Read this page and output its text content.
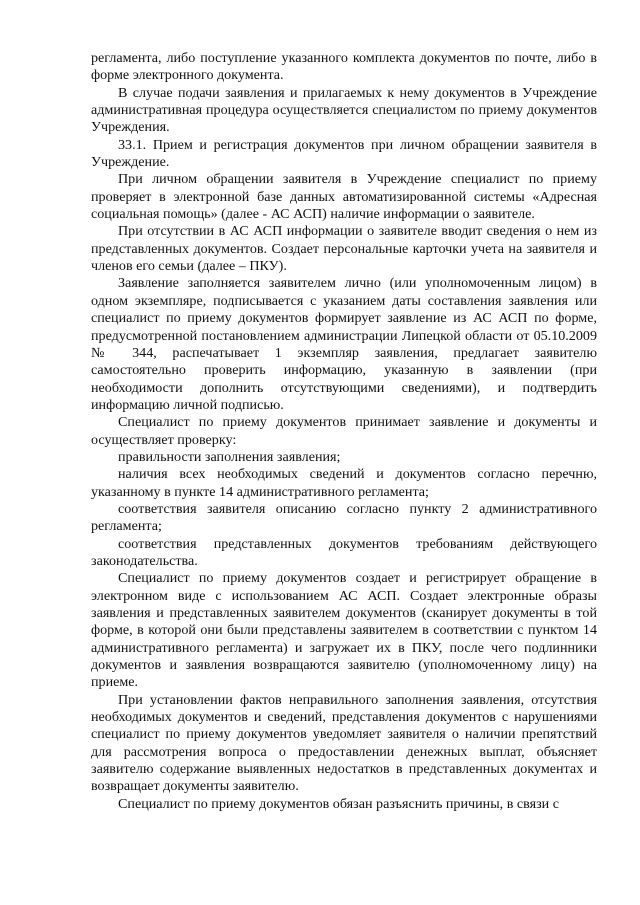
регламента, либо поступление указанного комплекта документов по почте, либо в форме электронного документа.

В случае подачи заявления и прилагаемых к нему документов в Учреждение административная процедура осуществляется специалистом по приему документов Учреждения.

33.1. Прием и регистрация документов при личном обращении заявителя в Учреждение.

При личном обращении заявителя в Учреждение специалист по приему проверяет в электронной базе данных автоматизированной системы «Адресная социальная помощь» (далее - АС АСП) наличие информации о заявителе.

При отсутствии в АС АСП информации о заявителе вводит сведения о нем из представленных документов. Создает персональные карточки учета на заявителя и членов его семьи (далее – ПКУ).

Заявление заполняется заявителем лично (или уполномоченным лицом) в одном экземпляре, подписывается с указанием даты составления заявления или специалист по приему документов формирует заявление из АС АСП по форме, предусмотренной постановлением администрации Липецкой области от 05.10.2009 № 344, распечатывает 1 экземпляр заявления, предлагает заявителю самостоятельно проверить информацию, указанную в заявлении (при необходимости дополнить отсутствующими сведениями), и подтвердить информацию личной подписью.

Специалист по приему документов принимает заявление и документы и осуществляет проверку:

правильности заполнения заявления;

наличия всех необходимых сведений и документов согласно перечню, указанному в пункте 14 административного регламента;

соответствия заявителя описанию согласно пункту 2 административного регламента;

соответствия представленных документов требованиям действующего законодательства.

Специалист по приему документов создает и регистрирует обращение в электронном виде с использованием АС АСП. Создает электронные образы заявления и представленных заявителем документов (сканирует документы в той форме, в которой они были представлены заявителем в соответствии с пунктом 14 административного регламента) и загружает их в ПКУ, после чего подлинники документов и заявления возвращаются заявителю (уполномоченному лицу) на приеме.

При установлении фактов неправильного заполнения заявления, отсутствия необходимых документов и сведений, представления документов с нарушениями специалист по приему документов уведомляет заявителя о наличии препятствий для рассмотрения вопроса о предоставлении денежных выплат, объясняет заявителю содержание выявленных недостатков в представленных документах и возвращает документы заявителю.

Специалист по приему документов обязан разъяснить причины, в связи с
